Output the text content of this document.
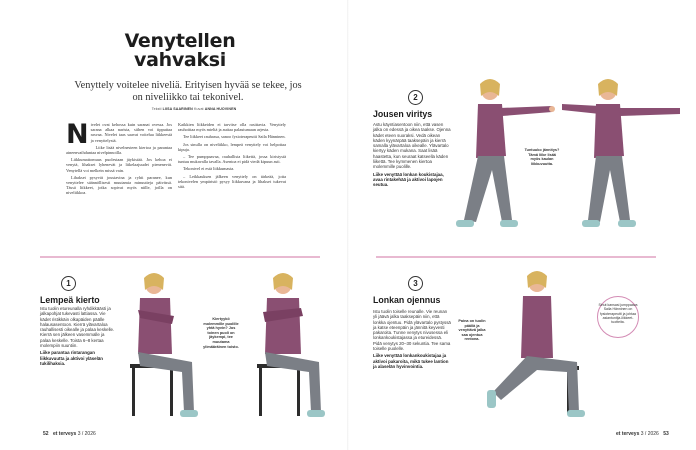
Venytellen vahvaksi
Venyttely voitelee niveliä. Erityisen hyvää se tekee, jos on niveliikko tai tekonivel.
Teksti LIISA SAARINEN Kuvat ANNA HUOVINEN
N ivelet ovat kehossa kuin saranat ovessa. Jos sarana alkaa narista, siihen voi tipputtaa rasvaa. Nivelet taas saavat voitelua liikkeestä ja venyttelystä.

Liike lisää nivelnesteen kiertoa ja parantaa aineenvaihduntaa nivelpinnoilla.

Liikkumattomuus puolestaan jäykistää. Jos kehoa ei venytä, lihakset lyhenevät ja liikelaajuudet pienenevät. Venytellä voi melkein missä vain.

Lihakset pysyvät joustavina ja ryhti paranee, kun venyttelee säännöllisesti muutamia minuutteja päivässä. Tässä liikkeet, jotka sopivat myös niille, joilla on niveliikkoa.

Kaikkien liikkeiden ei tarvitse olla rasittavia. Venyttely rauhoittaa myös mieltä ja auttaa palautumaan arjesta.

Tee liikkeet rauhassa, sanoo fysioterapeutti Saila Hänninen.

Jos sinulla on niveliikko, lempeä venyttely voi helpottaa kipuja.

– Tee pumppaavaa, rauhallista liikettä, jossa kiristystä tuntuu mukavalla tavalla. Asentoa ei pidä viedä kipuun asti.

Tekonivel ei estä liikkumasta.

– Leikkauksen jälkeen venyttely on tärkeää, jotta tekonivelen ympäristö pysyy liikkuvana ja lihakset tukevat sitä.

2
Jousen viritys
Astu käyntiasentoon niin, että vasen jalka on edessä ja oikea taakse. Ojenna kädet eteen suoraksi. Vedä oikean käden kyynärpää taaksepäin ja kierrä samalla ylävartaloa oikealle. Ylävartalo kiertyy käden mukana. Saat lisää haastetta, kun seuraat katseella käden liikettä. Tee kymmenen kiertoa molemmille puolille.
Liike venyttää lonkan koukistajaa, avaa rintakehää ja aktivoi lapojen seutua.
Tuntuuko jännitys? Tämä liike lisää myös kaulan liikkuvuutta.
1
Lempeä kierto
Istu tuolin etureunalla ryhdikkäästi ja jalkapohjat tukevasti lattiassa. Vie kädet ristikkäin olkapäiden päälle halausasentoon. Kierrä ylävartaloa rauhallisesti oikealle ja palaa keskelle. Kierrä sen jälkeen vasemmalle ja palaa keskelle. Toista 6–8 kertaa molempiin suuntiin.
Liike parantaa rintarangan liikkuvuutta ja aktivoi yläselän tukilihaksia.
Kiertyykö molemmille puolille yhtä hyvin? Jos toinen puoli on jäykempi, tee muutama ylimääräinen toisto.
3
Lonkan ojennus
Istu tuolin toiselle reunalle. Vie reunan yli jäävä jalka taaksepäin niin, että lonkka ojentuu. Pidä ylävartalo pystyssä ja katse eteenpäin ja jännitä keyvesti pakaroita. Tunne venytys nivusessa eli lonkankoukistajassa ja etureidessä. Pidä venytys 20–30 sekuntia. Tee sama toiselle puolelle.
Liike venyttää lonkankoukistajaa ja aktivoi pakaroita, mikä tukee lantion ja alaselän hyvinvointia.
Paina on tuolin päällä ja venyttävä jalka saa ojentua rentona.
Sinut kansasi jumppaava Saila Hänninen on fysioterapeutti ja johtaa asiantuntija-liikkeet-tuotteita.
52 et terveys 3 / 2026	et terveys 3 / 2026 53
